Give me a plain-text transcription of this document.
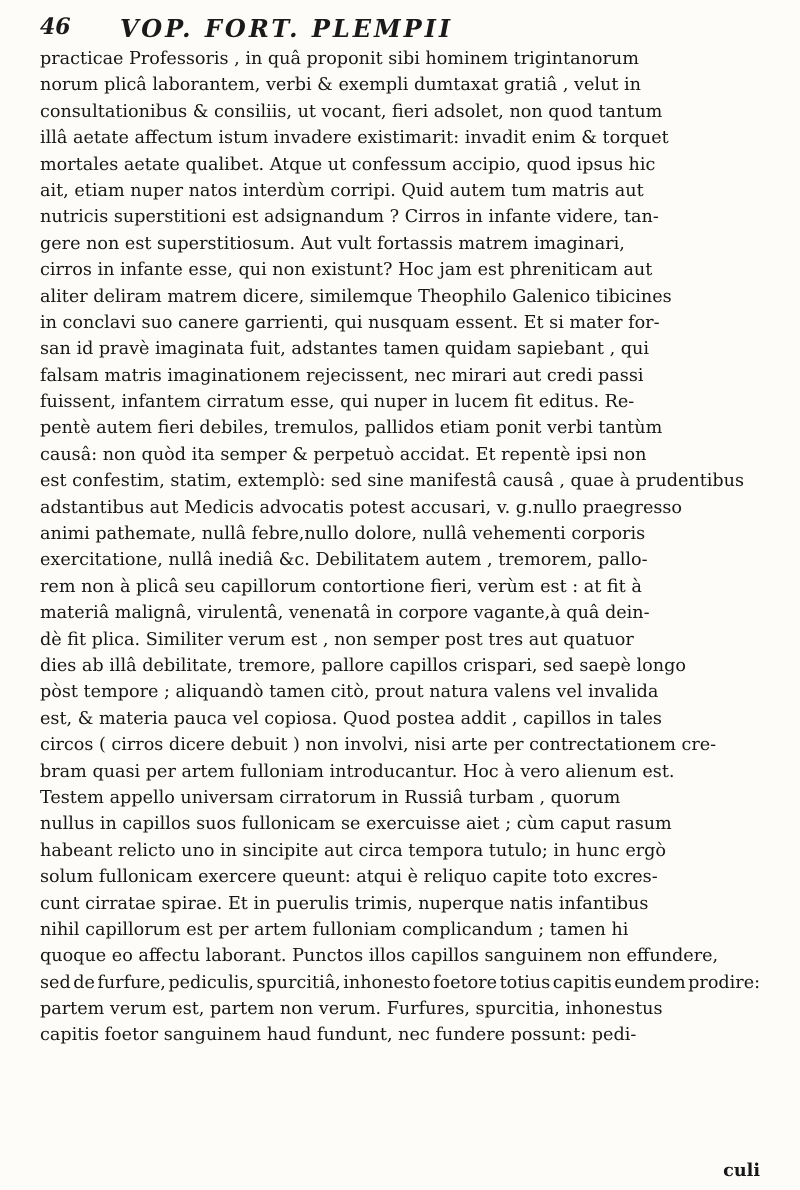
46 VOP. FORT. PLEMPII
practicae Professoris , in quâ proponit sibi hominem trigintanorum
norum plicâ laborantem, verbi & exempli dumtaxat gratiâ , velut in
consultationibus & consiliis, ut vocant, fieri adsolet, non quod tantum
illâ aetate affectum istum invadere existimarit: invadit enim & torquet
mortales aetate qualibet. Atque ut confessum accipio, quod ipsus hic
ait, etiam nuper natos interdùm corripi. Quid autem tum matris aut
nutricis superstitioni est adsignandum ? Cirros in infante videre, tan-
gere non est superstitiosum. Aut vult fortassis matrem imaginari,
cirros in infante esse, qui non existunt? Hoc jam est phreniticam aut
aliter deliram matrem dicere, similemque Theophilo Galenico tibicines
in conclavi suo canere garrienti, qui nusquam essent. Et si mater for-
san id pravè imaginata fuit, adstantes tamen quidam sapiebant , qui
falsam matris imaginationem rejecissent, nec mirari aut credi passi
fuissent, infantem cirratum esse, qui nuper in lucem fit editus. Re-
pentè autem fieri debiles, tremulos, pallidos etiam ponit verbi tantùm
causâ: non quòd ita semper & perpetuò accidat. Et repentè ipsi non
est confestim, statim, extemplò: sed sine manifestâ causâ , quae à prudentibus
adstantibus aut Medicis advocatis potest accusari, v. g.nullo praegresso
animi pathemate, nullâ febre,nullo dolore, nullâ vehementi corporis
exercitatione, nullâ inediâ &c. Debilitatem autem , tremorem, pallo-
rem non à plicâ seu capillorum contortione fieri, verùm est : at fit à
materiâ malignâ, virulentâ, venenatâ in corpore vagante,à quâ dein-
dè fit plica. Similiter verum est , non semper post tres aut quatuor
dies ab illâ debilitate, tremore, pallore capillos crispari, sed saepè longo
pòst tempore ; aliquandò tamen citò, prout natura valens vel invalida
est, & materia pauca vel copiosa. Quod postea addit , capillos in tales
circos ( cirros dicere debuit ) non involvi, nisi arte per contrectationem cre-
bram quasi per artem fulloniam introducantur. Hoc à vero alienum est.
Testem appello universam cirratorum in Russiâ turbam , quorum
nullus in capillos suos fullonicam se exercuisse aiet ; cùm caput rasum
habeant relicto uno in sincipite aut circa tempora tutulo; in hunc ergò
solum fullonicam exercere queunt: atqui è reliquo capite toto excres-
cunt cirratae spirae. Et in puerulis trimis, nuperque natis infantibus
nihil capillorum est per artem fulloniam complicandum ; tamen hi
quoque eo affectu laborant. Punctos illos capillos sanguinem non effundere,
sed de furfure, pediculis, spurcitiâ, inhonesto foetore totius capitis eundem prodire:
partem verum est, partem non verum. Furfures, spurcitia, inhonestus
capitis foetor sanguinem haud fundunt, nec fundere possunt: pedi-
culi
